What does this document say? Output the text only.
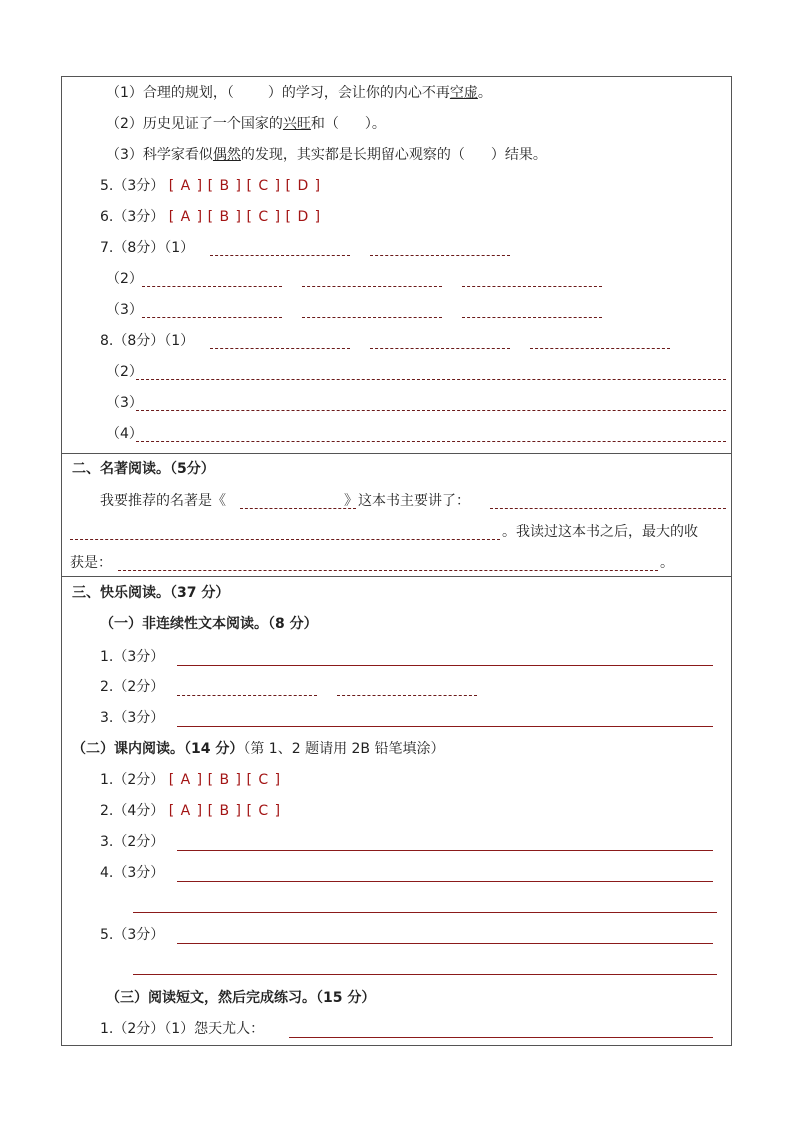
（1）合理的规划，（ ）的学习，会让你的内心不再空虚。
（2）历史见证了一个国家的兴旺和（ ）。
（3）科学家看似偶然的发现，其实都是长期留心观察的（ ）结果。
5.（3分） [ A ] [ B ] [ C ] [ D ]
6.（3分） [ A ] [ B ] [ C ] [ D ]
7.（8分）（1）
（2）
（3）
8.（8分）（1）
（2）
（3）
（4）
二、名著阅读。（5分）
我要推荐的名著是《	》这本书主要讲了：
。我读过这本书之后，最大的收
获是：	。
三、快乐阅读。（37 分）
（一）非连续性文本阅读。（8 分）
1.（3分）
2.（2分）
3.（3分）
（二）课内阅读。（14 分）（第 1、2 题请用 2B 铅笔填涂）
1.（2分） [ A ] [ B ] [ C ]
2.（4分） [ A ] [ B ] [ C ]
3.（2分）
4.（3分）
5.（3分）
（三）阅读短文，然后完成练习。（15 分）
1.（2分）（1）怨天尤人：
